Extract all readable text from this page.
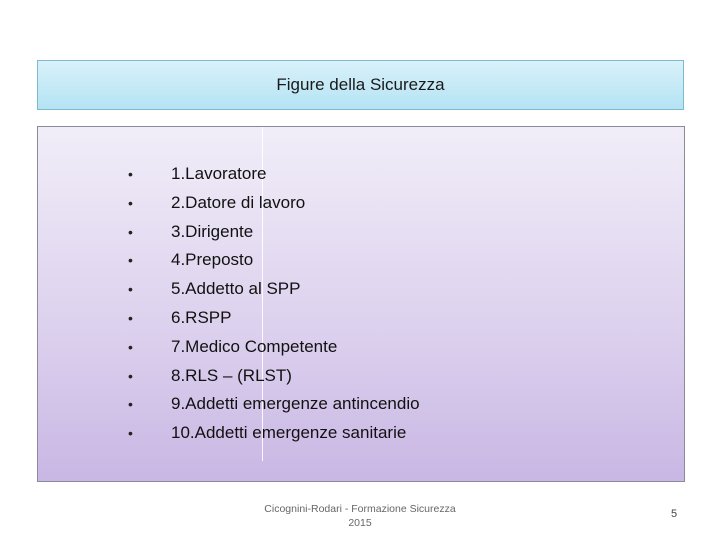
Figure della Sicurezza
• 1.Lavoratore
• 2.Datore di lavoro
• 3.Dirigente
• 4.Preposto
• 5.Addetto al SPP
• 6.RSPP
• 7.Medico Competente
• 8.RLS – (RLST)
• 9.Addetti emergenze antincendio
• 10.Addetti emergenze sanitarie
Cicognini-Rodari - Formazione Sicurezza
2015
5
